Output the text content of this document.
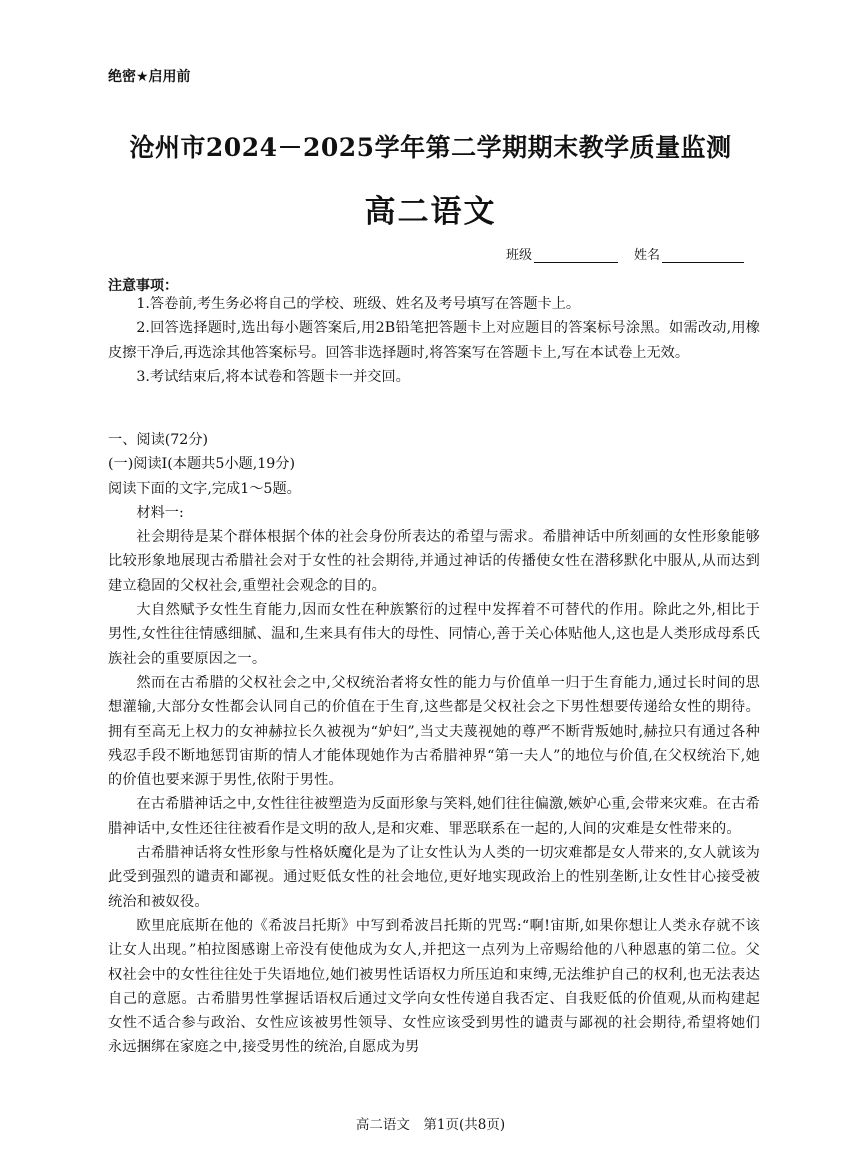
绝密★启用前
沧州市2024－2025学年第二学期期末教学质量监测
高二语文
班级	姓名
注意事项：

1.答卷前,考生务必将自己的学校、班级、姓名及考号填写在答题卡上。

2.回答选择题时,选出每小题答案后,用2B铅笔把答题卡上对应题目的答案标号涂黑。如需改动,用橡皮擦干净后,再选涂其他答案标号。回答非选择题时,将答案写在答题卡上,写在本试卷上无效。

3.考试结束后,将本试卷和答题卡一并交回。

一、阅读(72分)

(一)阅读Ⅰ(本题共5小题,19分)

阅读下面的文字,完成1～5题。

材料一:

社会期待是某个群体根据个体的社会身份所表达的希望与需求。希腊神话中所刻画的女性形象能够比较形象地展现古希腊社会对于女性的社会期待,并通过神话的传播使女性在潜移默化中服从,从而达到建立稳固的父权社会,重塑社会观念的目的。

大自然赋予女性生育能力,因而女性在种族繁衍的过程中发挥着不可替代的作用。除此之外,相比于男性,女性往往情感细腻、温和,生来具有伟大的母性、同情心,善于关心体贴他人,这也是人类形成母系氏族社会的重要原因之一。

然而在古希腊的父权社会之中,父权统治者将女性的能力与价值单一归于生育能力,通过长时间的思想灌输,大部分女性都会认同自己的价值在于生育,这些都是父权社会之下男性想要传递给女性的期待。拥有至高无上权力的女神赫拉长久被视为“妒妇”,当丈夫蔑视她的尊严不断背叛她时,赫拉只有通过各种残忍手段不断地惩罚宙斯的情人才能体现她作为古希腊神界“第一夫人”的地位与价值,在父权统治下,她的价值也要来源于男性,依附于男性。

在古希腊神话之中,女性往往被塑造为反面形象与笑料,她们往往偏激,嫉妒心重,会带来灾难。在古希腊神话中,女性还往往被看作是文明的敌人,是和灾难、罪恶联系在一起的,人间的灾难是女性带来的。

古希腊神话将女性形象与性格妖魔化是为了让女性认为人类的一切灾难都是女人带来的,女人就该为此受到强烈的谴责和鄙视。通过贬低女性的社会地位,更好地实现政治上的性别垄断,让女性甘心接受被统治和被奴役。

欧里庇底斯在他的《希波吕托斯》中写到希波吕托斯的咒骂:“啊!宙斯,如果你想让人类永存就不该让女人出现。”柏拉图感谢上帝没有使他成为女人,并把这一点列为上帝赐给他的八种恩惠的第二位。父权社会中的女性往往处于失语地位,她们被男性话语权力所压迫和束缚,无法维护自己的权利,也无法表达自己的意愿。古希腊男性掌握话语权后通过文学向女性传递自我否定、自我贬低的价值观,从而构建起女性不适合参与政治、女性应该被男性领导、女性应该受到男性的谴责与鄙视的社会期待,希望将她们永远捆绑在家庭之中,接受男性的统治,自愿成为男

高二语文　第1页(共8页)
